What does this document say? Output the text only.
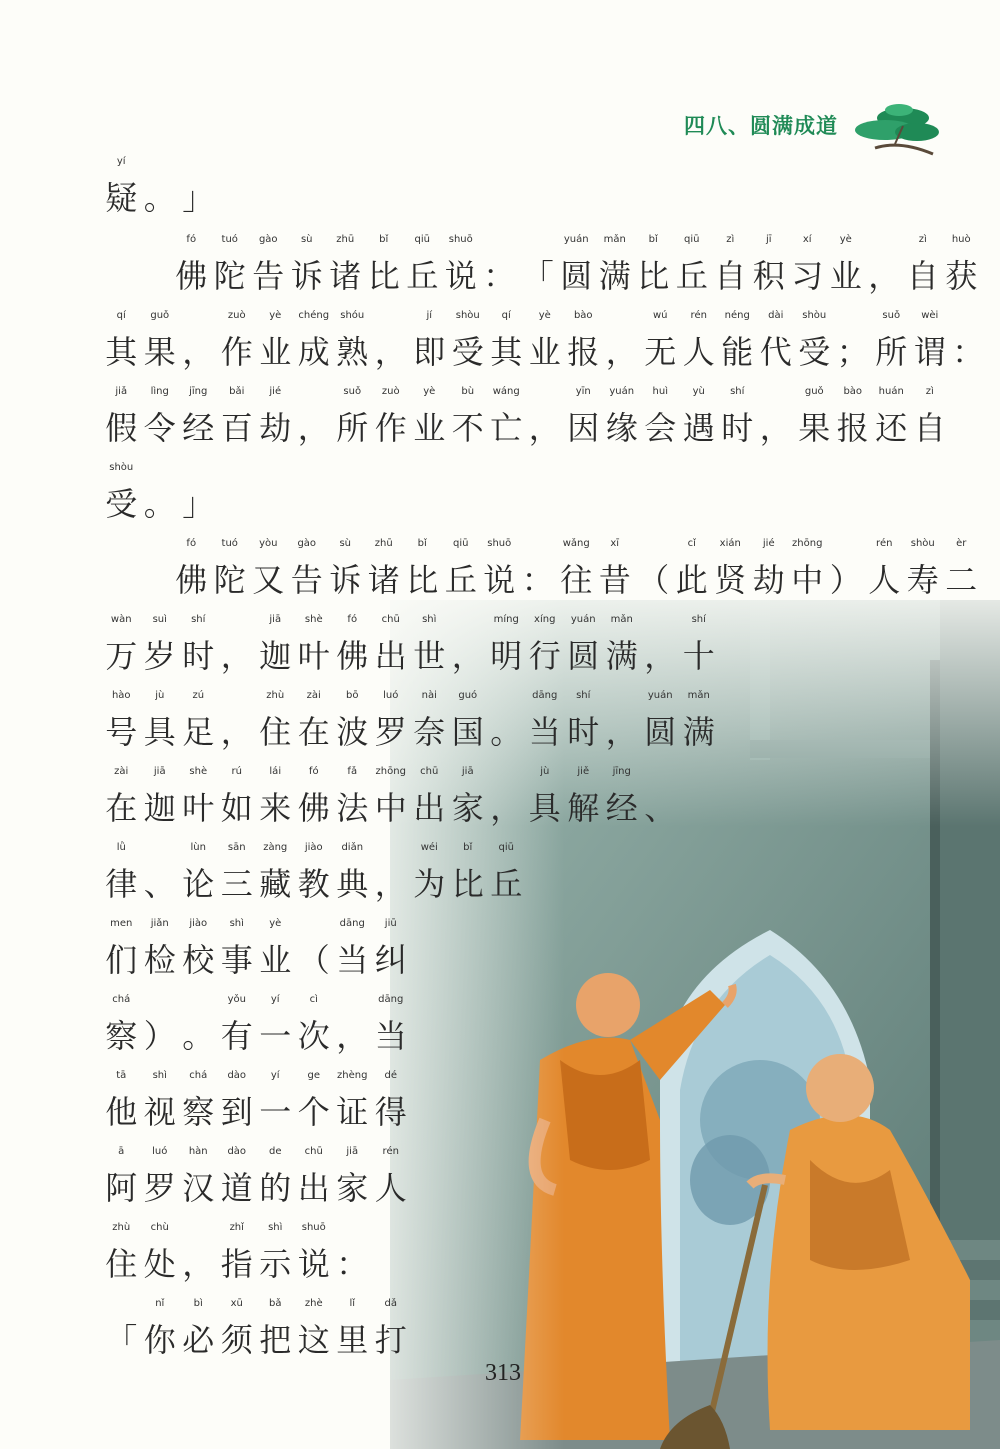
四八、圆满成道
疑
yí
。 」
佛
fó
陀
tuó
告
gào
诉
sù
诸
zhū
比
bǐ
丘
qiū
说
shuō
： 「 圆
yuán
满
mǎn
比
bǐ
丘
qiū
自
zì
积
jī
习
xí
业
yè
， 自
zì
获
huò
其
qí
果
guǒ
， 作
zuò
业
yè
成
chéng
熟
shóu
， 即
jí
受
shòu
其
qí
业
yè
报
bào
， 无
wú
人
rén
能
néng
代
dài
受
shòu
； 所
suǒ
谓
wèi
：
假
jiǎ
令
lìng
经
jīng
百
bǎi
劫
jié
， 所
suǒ
作
zuò
业
yè
不
bù
亡
wáng
， 因
yīn
缘
yuán
会
huì
遇
yù
时
shí
， 果
guǒ
报
bào
还
huán
自
zì
受
shòu
。 」
佛
fó
陀
tuó
又
yòu
告
gào
诉
sù
诸
zhū
比
bǐ
丘
qiū
说
shuō
： 往
wǎng
昔
xī
（ 此
cǐ
贤
xián
劫
jié
中
zhōng
） 人
rén
寿
shòu
二
èr
万
wàn
岁
suì
时
shí
， 迦
jiā
叶
shè
佛
fó
出
chū
世
shì
， 明
míng
行
xíng
圆
yuán
满
mǎn
， 十
shí
号
hào
具
jù
足
zú
， 住
zhù
在
zài
波
bō
罗
luó
奈
nài
国
guó
。 当
dāng
时
shí
， 圆
yuán
满
mǎn
在
zài
迦
jiā
叶
shè
如
rú
来
lái
佛
fó
法
fǎ
中
zhōng
出
chū
家
jiā
， 具
jù
解
jiě
经
jīng
、
律
lǜ
、 论
lùn
三
sān
藏
zàng
教
jiào
典
diǎn
， 为
wéi
比
bǐ
丘
qiū
们
men
检
jiǎn
校
jiào
事
shì
业
yè
（ 当
dāng
纠
jiū
察
chá
） 。 有
yǒu
一
yí
次
cì
， 当
dāng
他
tā
视
shì
察
chá
到
dào
一
yí
个
ge
证
zhèng
得
dé
阿
ā
罗
luó
汉
hàn
道
dào
的
de
出
chū
家
jiā
人
rén
住
zhù
处
chù
， 指
zhǐ
示
shì
说
shuō
：
「 你
nǐ
必
bì
须
xū
把
bǎ
这
zhè
里
lǐ
打
dǎ
313
